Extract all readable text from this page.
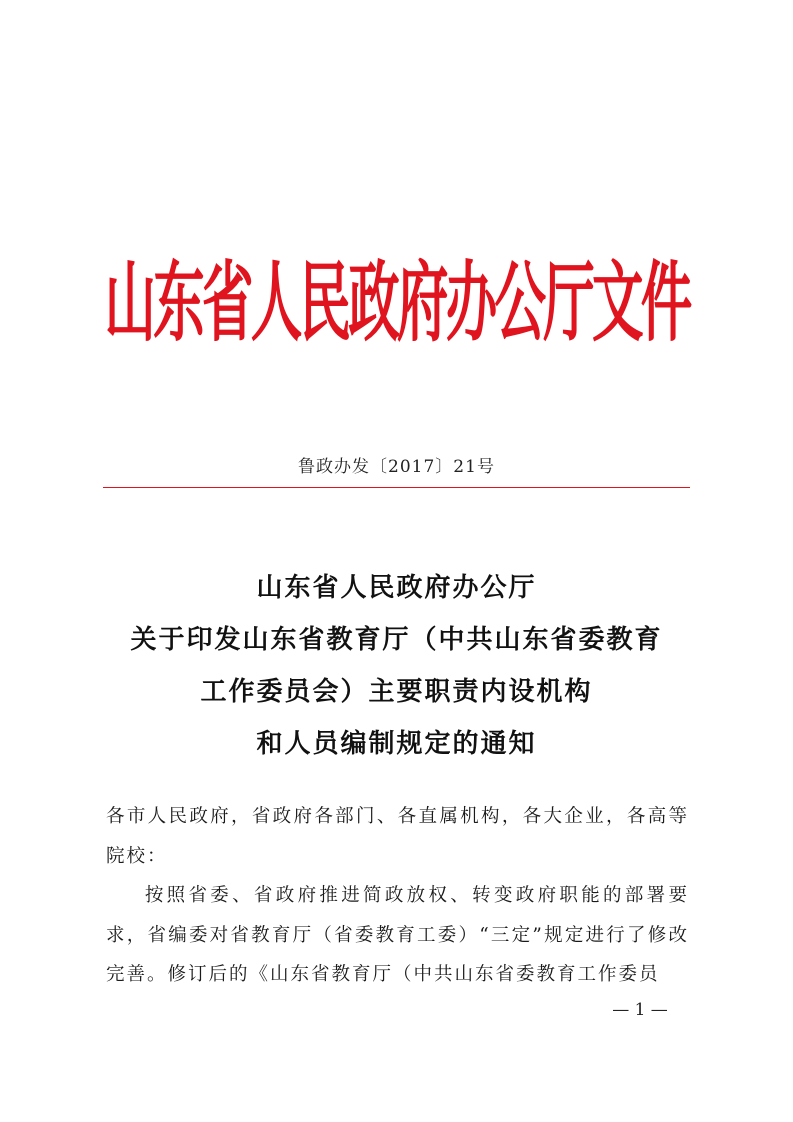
山东省人民政府办公厅文件
鲁政办发〔2017〕21号
山东省人民政府办公厅
关于印发山东省教育厅（中共山东省委教育
工作委员会）主要职责内设机构
和人员编制规定的通知

各市人民政府，省政府各部门、各直属机构，各大企业，各高等院校：

按照省委、省政府推进简政放权、转变政府职能的部署要求，省编委对省教育厅（省委教育工委）“三定”规定进行了修改完善。修订后的《山东省教育厅（中共山东省委教育工作委员

— 1 —
